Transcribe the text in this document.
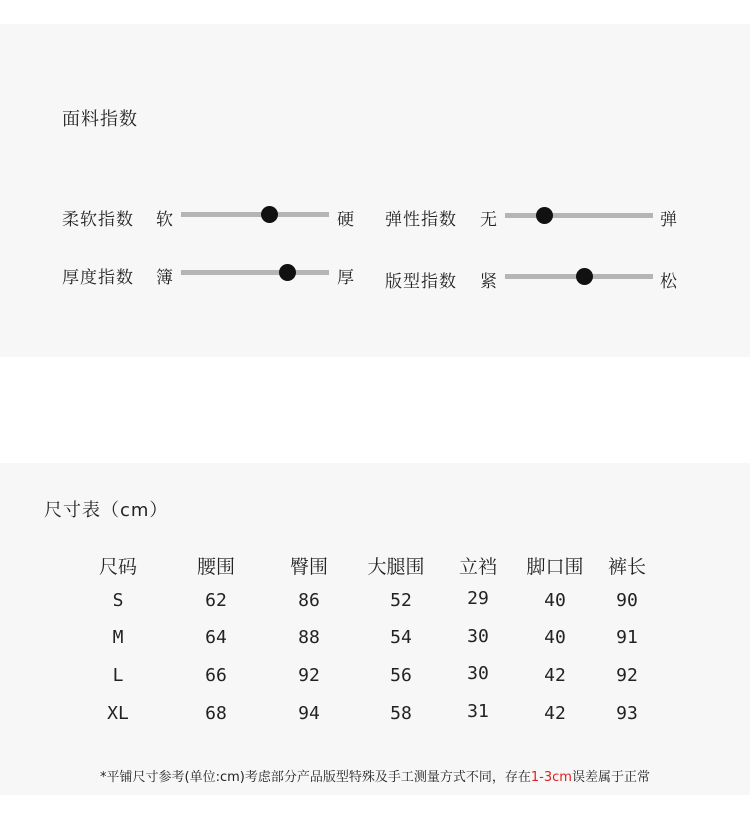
面料指数
柔软指数 软	硬 弹性指数 无	弹
厚度指数 簿	厚 版型指数 紧	松
尺寸表（cm）
尺码	腰围	臀围	大腿围	立裆	脚口围	裤长
S	62	86	52	29	40	90
M	64	88	54	30	40	91
L	66	92	56	30	42	92
XL	68	94	58	31	42	93
*平铺尺寸参考(单位:cm)考虑部分产品版型特殊及手工测量方式不同，存在1-3cm误差属于正常
